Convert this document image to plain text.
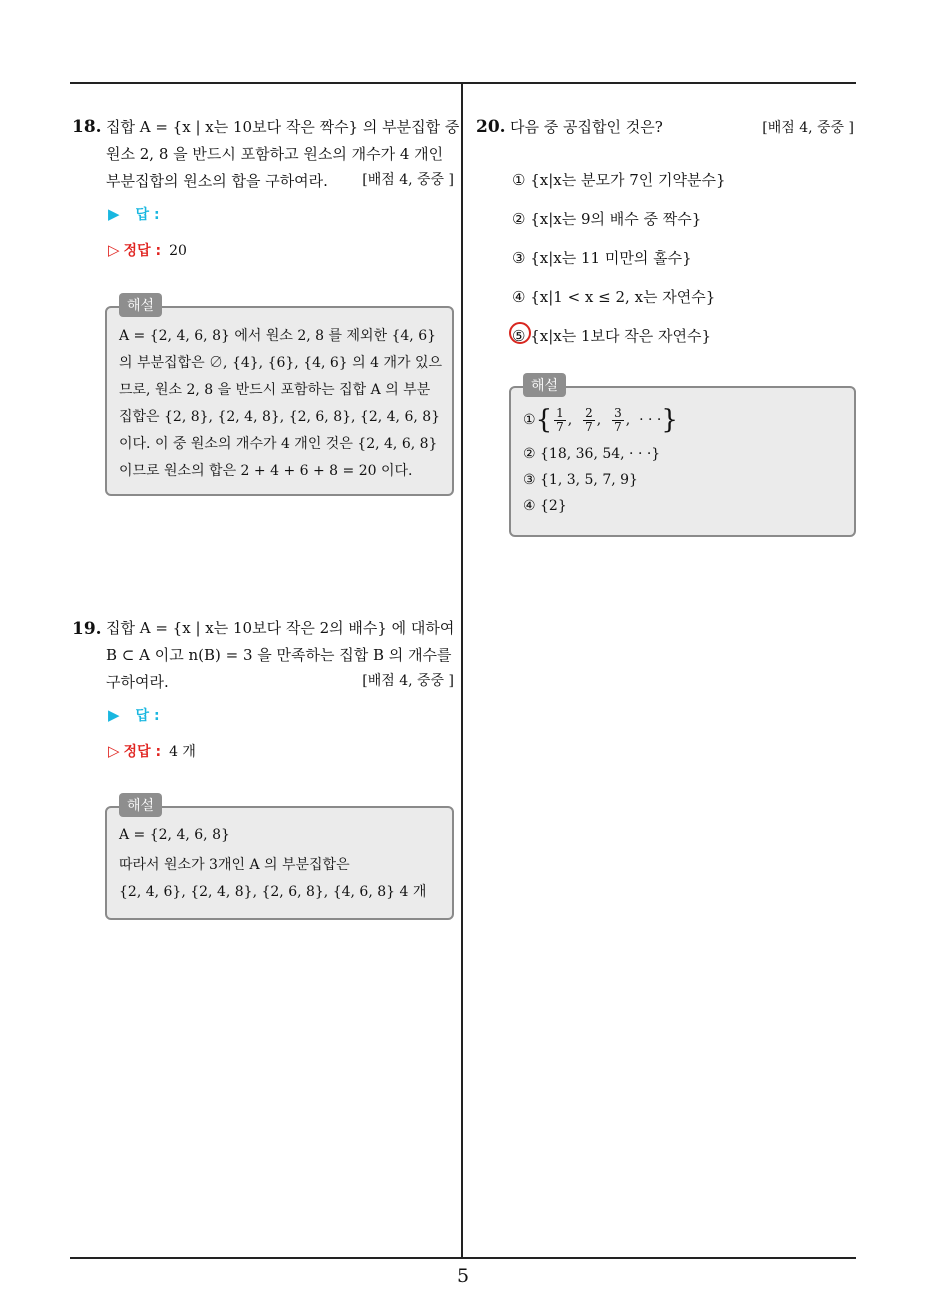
5
18. 집합 A = {x | x는 10보다 작은 짝수} 의 부분집합 중
원소 2, 8 을 반드시 포함하고 원소의 개수가 4 개인
부분집합의 원소의 합을 구하여라.	[배점 4, 중중 ]
▶ 답 :
▷ 정답 : 20
A = {2, 4, 6, 8} 에서 원소 2, 8 를 제외한 {4, 6}
의 부분집합은 ∅, {4}, {6}, {4, 6} 의 4 개가 있으
므로, 원소 2, 8 을 반드시 포함하는 집합 A 의 부분
집합은 {2, 8}, {2, 4, 8}, {2, 6, 8}, {2, 4, 6, 8}
이다. 이 중 원소의 개수가 4 개인 것은 {2, 4, 6, 8}
이므로 원소의 합은 2 + 4 + 6 + 8 = 20 이다.
해설
19. 집합 A = {x | x는 10보다 작은 2의 배수} 에 대하여
B ⊂ A 이고 n(B) = 3 을 만족하는 집합 B 의 개수를
구하여라.	[배점 4, 중중 ]
▶ 답 :
▷ 정답 : 4 개
A = {2, 4, 6, 8}
따라서 원소가 3개인 A 의 부분집합은
{2, 4, 6}, {2, 4, 8}, {2, 6, 8}, {4, 6, 8} 4 개
해설
20. 다음 중 공집합인 것은?	[배점 4, 중중 ]
① {x|x는 분모가 7인 기약분수}
② {x|x는 9의 배수 중 짝수}
③ {x|x는 11 미만의 홀수}
④ {x|1 < x ≤ 2, x는 자연수}
⑤ {x|x는 1보다 작은 자연수}
①{ $\frac{1}{7}$ , $\frac{2}{7}$ , $\frac{3}{7}$ ,  · · ·}
② {18, 36, 54, · · ·}
③ {1, 3, 5, 7, 9}
④ {2}
해설
